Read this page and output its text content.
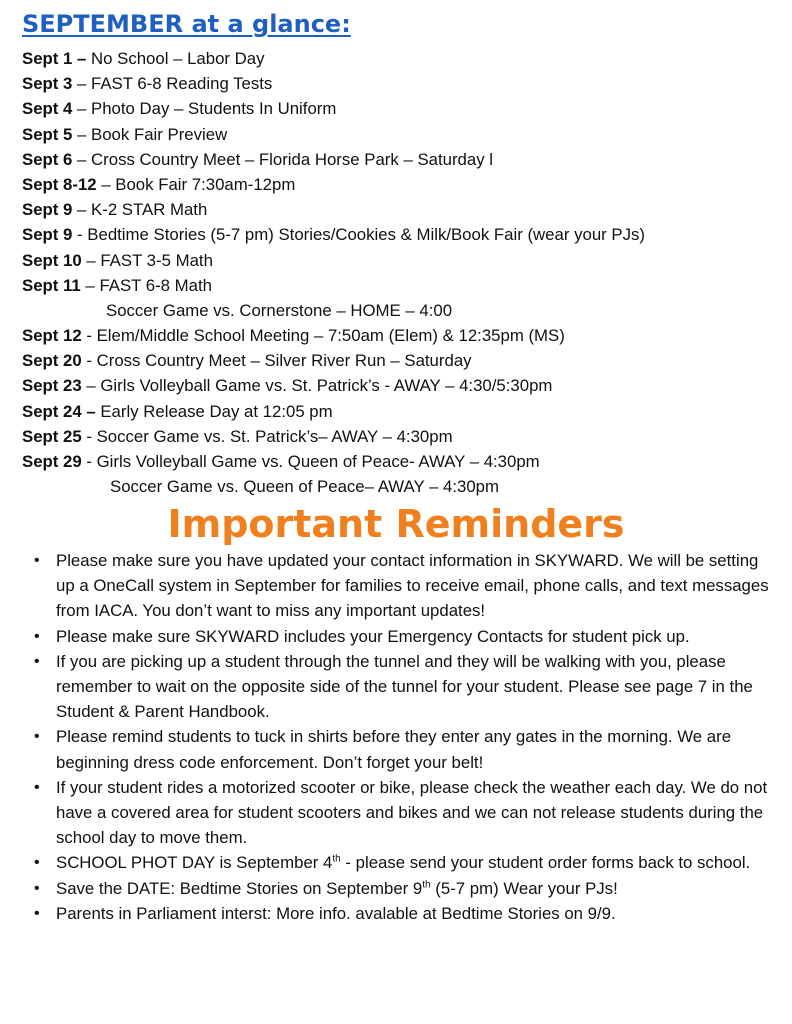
SEPTEMBER at a glance:
Sept 1 – No School – Labor Day
Sept 3 – FAST 6-8 Reading Tests
Sept 4 – Photo Day – Students In Uniform
Sept 5 – Book Fair Preview
Sept 6 – Cross Country Meet – Florida Horse Park – Saturday l
Sept 8-12 – Book Fair 7:30am-12pm
Sept 9 – K-2 STAR Math
Sept 9 - Bedtime Stories (5-7 pm) Stories/Cookies & Milk/Book Fair (wear your PJs)
Sept 10 – FAST 3-5 Math
Sept 11 – FAST 6-8 Math
Soccer Game vs. Cornerstone – HOME – 4:00
Sept 12 - Elem/Middle School Meeting – 7:50am (Elem) & 12:35pm (MS)
Sept 20 - Cross Country Meet – Silver River Run – Saturday
Sept 23 – Girls Volleyball Game vs. St. Patrick’s - AWAY – 4:30/5:30pm
Sept 24 – Early Release Day at 12:05 pm
Sept 25 - Soccer Game vs. St. Patrick’s– AWAY – 4:30pm
Sept 29 - Girls Volleyball Game vs. Queen of Peace- AWAY – 4:30pm
Soccer Game vs. Queen of Peace– AWAY – 4:30pm
Important Reminders
• Please make sure you have updated your contact information in SKYWARD. We will be setting up a OneCall system in September for families to receive email, phone calls, and text messages from IACA. You don’t want to miss any important updates!
• Please make sure SKYWARD includes your Emergency Contacts for student pick up.
• If you are picking up a student through the tunnel and they will be walking with you, please remember to wait on the opposite side of the tunnel for your student. Please see page 7 in the Student & Parent Handbook.
• Please remind students to tuck in shirts before they enter any gates in the morning. We are beginning dress code enforcement. Don’t forget your belt!
• If your student rides a motorized scooter or bike, please check the weather each day. We do not have a covered area for student scooters and bikes and we can not release students during the school day to move them.
• SCHOOL PHOT DAY is September 4th - please send your student order forms back to school.
• Save the DATE: Bedtime Stories on September 9th (5-7 pm) Wear your PJs!
• Parents in Parliament interst: More info. avalable at Bedtime Stories on 9/9.
